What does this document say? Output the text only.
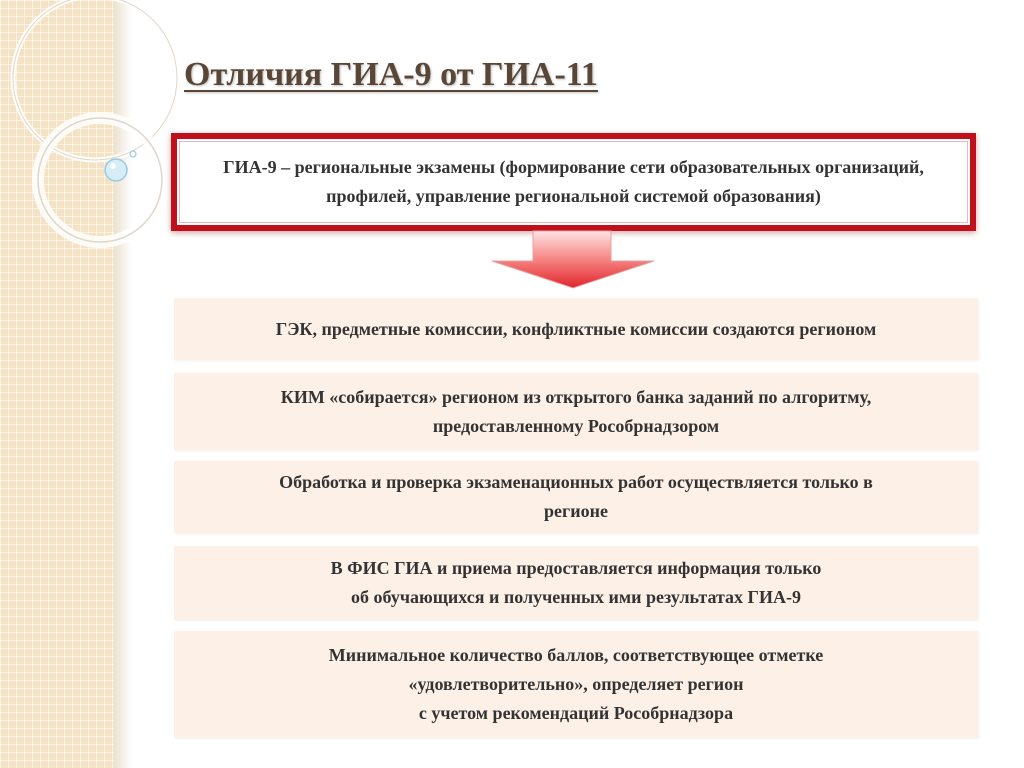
Отличия ГИА-9 от ГИА-11
ГИА-9 – региональные экзамены (формирование сети образовательных организаций, профилей, управление региональной системой образования)
ГЭК, предметные комиссии, конфликтные комиссии создаются регионом
КИМ «собирается» регионом из открытого банка заданий по алгоритму,
предоставленному Рособрнадзором
Обработка и проверка экзаменационных работ осуществляется только в
регионе
В ФИС ГИА и приема предоставляется информация только
об обучающихся и полученных ими результатах ГИА-9
Минимальное количество баллов, соответствующее отметке
«удовлетворительно», определяет регион
с учетом рекомендаций Рособрнадзора
